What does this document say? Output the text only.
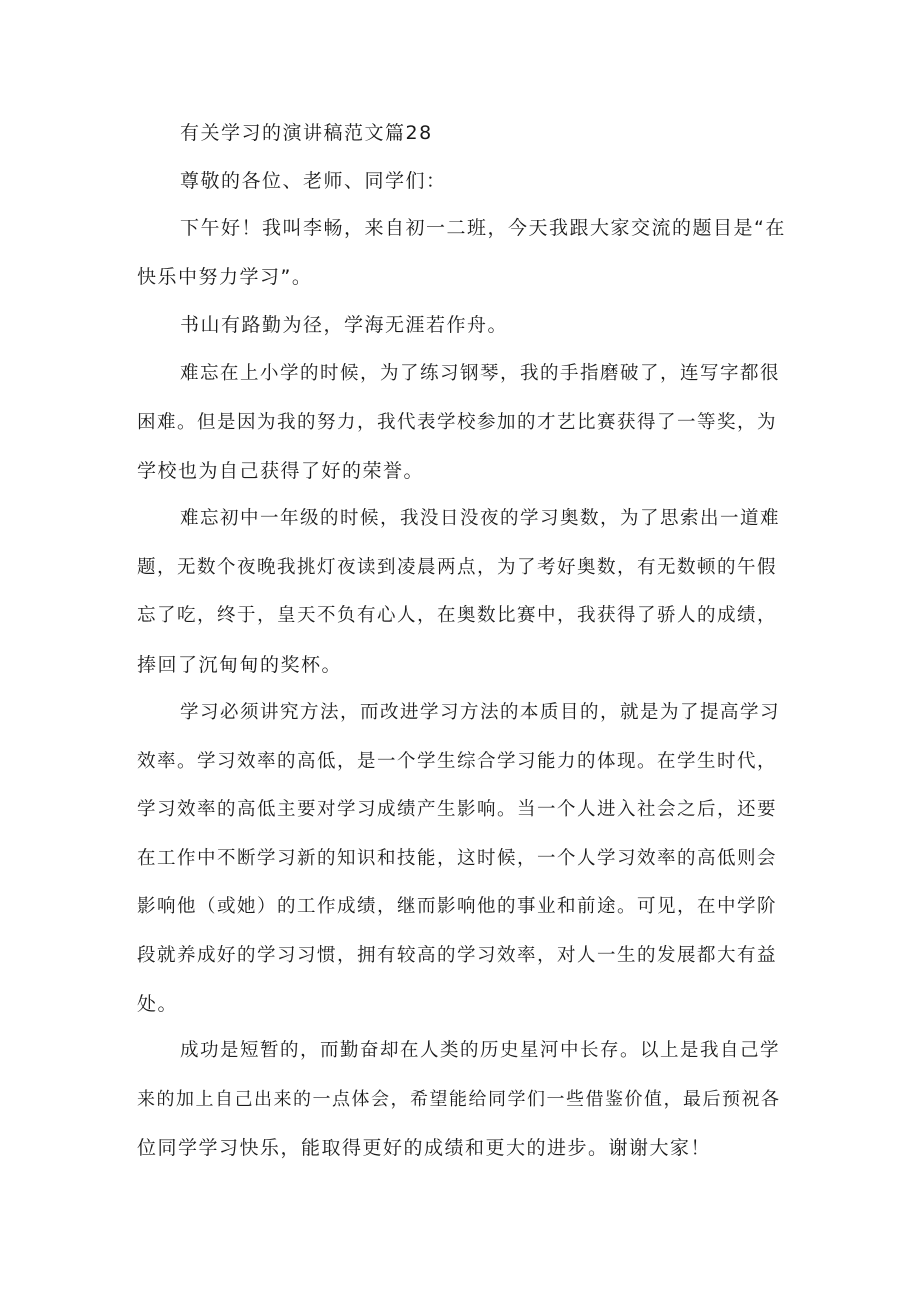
有关学习的演讲稿范文篇28
尊敬的各位、老师、同学们：
下午好！我叫李畅，来自初一二班，今天我跟大家交流的题目是“在
快乐中努力学习”。
书山有路勤为径，学海无涯若作舟。
难忘在上小学的时候，为了练习钢琴，我的手指磨破了，连写字都很
困难。但是因为我的努力，我代表学校参加的才艺比赛获得了一等奖，为
学校也为自己获得了好的荣誉。
难忘初中一年级的时候，我没日没夜的学习奥数，为了思索出一道难
题，无数个夜晚我挑灯夜读到凌晨两点，为了考好奥数，有无数顿的午假
忘了吃，终于，皇天不负有心人，在奥数比赛中，我获得了骄人的成绩，
捧回了沉甸甸的奖杯。
学习必须讲究方法，而改进学习方法的本质目的，就是为了提高学习
效率。学习效率的高低，是一个学生综合学习能力的体现。在学生时代，
学习效率的高低主要对学习成绩产生影响。当一个人进入社会之后，还要
在工作中不断学习新的知识和技能，这时候，一个人学习效率的高低则会
影响他（或她）的工作成绩，继而影响他的事业和前途。可见，在中学阶
段就养成好的学习习惯，拥有较高的学习效率，对人一生的发展都大有益
处。
成功是短暂的，而勤奋却在人类的历史星河中长存。以上是我自己学
来的加上自己出来的一点体会，希望能给同学们一些借鉴价值，最后预祝各
位同学学习快乐，能取得更好的成绩和更大的进步。谢谢大家！
